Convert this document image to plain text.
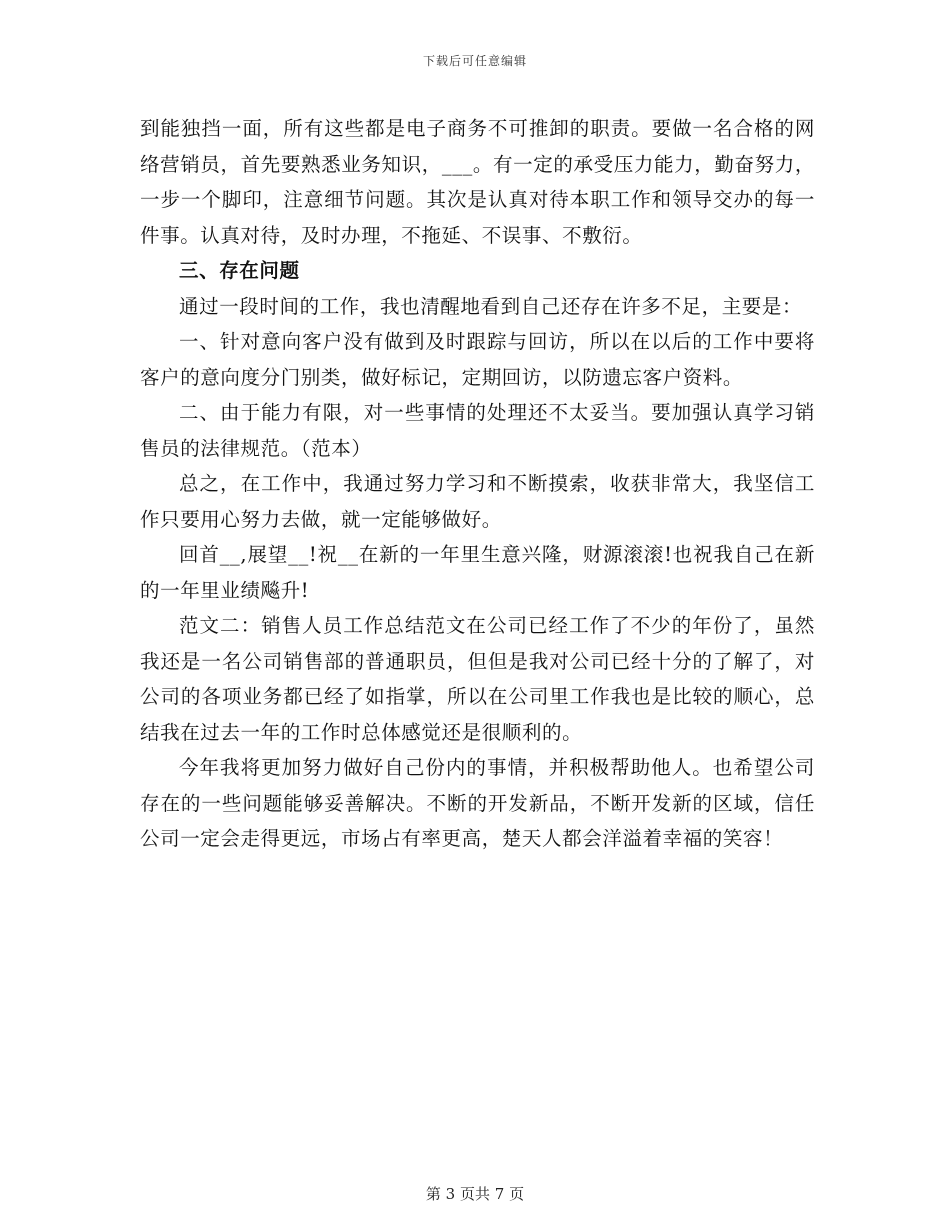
下载后可任意编辑

到能独挡一面，所有这些都是电子商务不可推卸的职责。要做一名合格的网络营销员，首先要熟悉业务知识，___。有一定的承受压力能力，勤奋努力，一步一个脚印，注意细节问题。其次是认真对待本职工作和领导交办的每一件事。认真对待，及时办理，不拖延、不误事、不敷衍。

三、存在问题

通过一段时间的工作，我也清醒地看到自己还存在许多不足，主要是：

一、针对意向客户没有做到及时跟踪与回访，所以在以后的工作中要将客户的意向度分门别类，做好标记，定期回访，以防遗忘客户资料。

二、由于能力有限，对一些事情的处理还不太妥当。要加强认真学习销售员的法律规范。（范本）

总之，在工作中，我通过努力学习和不断摸索，收获非常大，我坚信工作只要用心努力去做，就一定能够做好。

回首__,展望__!祝__在新的一年里生意兴隆，财源滚滚!也祝我自己在新的一年里业绩飚升!

范文二：销售人员工作总结范文在公司已经工作了不少的年份了，虽然我还是一名公司销售部的普通职员，但但是我对公司已经十分的了解了，对公司的各项业务都已经了如指掌，所以在公司里工作我也是比较的顺心，总结我在过去一年的工作时总体感觉还是很顺利的。

今年我将更加努力做好自己份内的事情，并积极帮助他人。也希望公司存在的一些问题能够妥善解决。不断的开发新品，不断开发新的区域，信任公司一定会走得更远，市场占有率更高，楚天人都会洋溢着幸福的笑容！

第 3 页共 7 页
